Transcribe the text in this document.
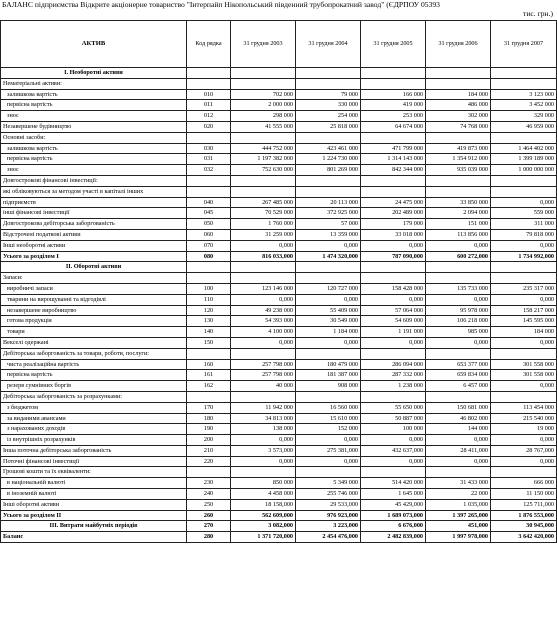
БАЛАНС підприємства Відкрите акціонерне товариство "Інтерпайп Нікопольський південний трубопрокатний завод" (ЄДРПОУ 05393
тис. грн.)
АКТИВ	Код рядка	31 грудня 2003	31 грудня 2004	31 грудня 2005	31 грудня 2006	31 грудня 2007
I. Необоротні активи						
Нематеріальні активи:						
залишкова вартість	010	702 000	79 000	166 000	184 000	3 123 000
первісна вартість	011	2 000 000	330 000	419 000	486 000	3 452 000
знос	012	298 000	254 000	253 000	302 000	329 000
Незавершене будівництво	020	41 555 000	25 818 000	64 674 000	74 768 000	46 959 000
Основні засоби:						
залишкова вартість	030	444 752 000	423 461 000	471 799 000	419 873 000	1 464 402 000
первісна вартість	031	1 197 382 000	1 224 730 000	1 314 143 000	1 354 912 000	1 399 189 000
знос	032	752 630 000	801 269 000	842 344 000	935 039 000	1 000 000 000
Довгострокові фінансові інвестиції:						
які обліковуються за методом участі в капіталі інших						
підприємств	040	267 485 000	20 113 000	24 475 000	33 850 000	0,000
інші фінансові інвестиції	045	70 529 000	372 925 000	202 489 000	2 094 000	559 000
Довгострокова дебіторська заборгованість	050	1 760 000	57 000	179 000	151 000	311 000
Відстрочені податкові активи	060	31 259 000	13 359 000	33 018 000	113 856 000	79 818 000
Інші необоротні активи	070	0,000	0,000	0,000	0,000	0,000
Усього за розділом I	080	816 033,000	1 474 320,000	787 090,000	600 272,000	1 734 992,000
II. Оборотні активи						
Запаси:						
виробничі запаси	100	123 146 000	120 727 000	158 428 000	135 733 000	235 317 000
тварини на вирощуванні та відгодівлі	110	0,000	0,000	0,000	0,000	0,000
незавершене виробництво	120	49 238 000	55 409 000	57 064 000	95 978 000	158 217 000
готова продукція	130	54 393 000	30 549 000	54 609 000	106 218 000	145 595 000
товари	140	4 100 000	1 184 000	1 191 000	985 000	184 000
Векселі одержані	150	0,000	0,000	0,000	0,000	0,000
Дебіторська заборгованість за товари, роботи, послуги:						
чиста реалізаційна вартість	160	257 798 000	180 479 000	286 094 000	653 377 000	301 558 000
первісна вартість	161	257 798 000	181 387 000	287 332 000	659 834 000	301 558 000
резерв сумнівних боргів	162	40 000	908 000	1 238 000	6 457 000	0,000
Дебіторська заборгованість за розрахунками:						
з бюджетом	170	11 942 000	16 560 000	55 650 000	150 681 000	113 454 000
за виданими авансами	180	34 813 000	15 610 000	50 887 000	46 802 000	215 540 000
з нарахованих доходів	190	138 000	152 000	100 000	144 000	19 000
із внутрішніх розрахунків	200	0,000	0,000	0,000	0,000	0,000
Інша поточна дебіторська заборгованість	210	3 573,000	275 381,000	432 637,000	28 411,000	28 767,000
Поточні фінансові інвестиції	220	0,000	0,000	0,000	0,000	0,000
Грошові кошти та їх еквіваленти:						
в національній валюті	230	850 000	5 349 000	514 420 000	31 433 000	666 000
в іноземній валюті	240	4 458 000	255 746 000	1 645 000	22 000	11 150 000
Інші оборотні активи	250	18 158,000	29 533,000	45 429,000	1 035,000	125 711,000
Усього за розділом II	260	562 609,000	976 923,000	1 689 073,000	1 397 265,000	1 876 553,000
III. Витрати майбутніх періодів	270	3 082,000	3 223,000	6 676,000	451,000	30 945,000
Баланс	280	1 371 720,000	2 454 476,000	2 482 839,000	1 997 978,000	3 642 420,000
